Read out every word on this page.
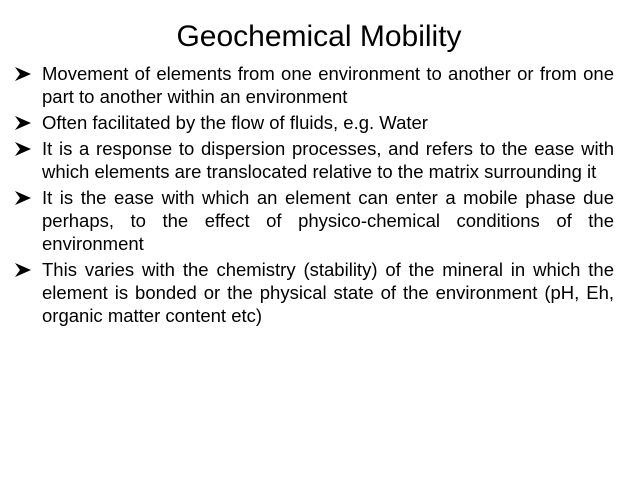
Geochemical Mobility
Movement of elements from one environment to another or from one part to another within an environment
Often facilitated by the flow of fluids, e.g. Water
It is a response to dispersion processes, and refers to the ease with which elements are translocated relative to the matrix surrounding it
It is the ease with which an element can enter a mobile phase due perhaps, to the effect of physico-chemical conditions of the environment
This varies with the chemistry (stability) of the mineral in which the element is bonded or the physical state of the environment (pH, Eh, organic matter content etc)
